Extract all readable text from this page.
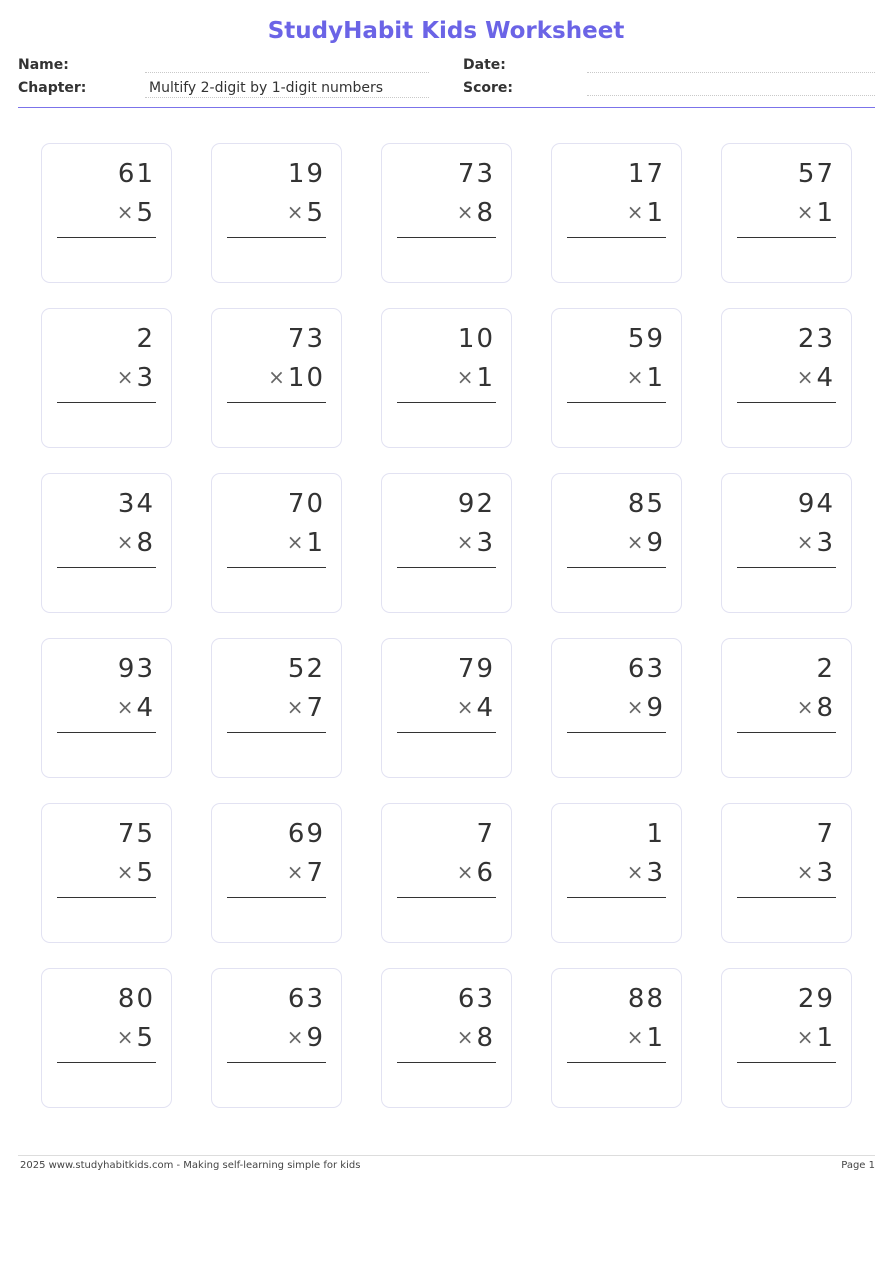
StudyHabit Kids Worksheet
Name:
Chapter:	Multify 2-digit by 1-digit numbers
Date:
Score:
61
× 5
19
× 5
73
× 8
17
× 1
57
× 1
2
× 3
73
× 10
10
× 1
59
× 1
23
× 4
34
× 8
70
× 1
92
× 3
85
× 9
94
× 3
93
× 4
52
× 7
79
× 4
63
× 9
2
× 8
75
× 5
69
× 7
7
× 6
1
× 3
7
× 3
80
× 5
63
× 9
63
× 8
88
× 1
29
× 1
2025 www.studyhabitkids.com - Making self-learning simple for kids	Page 1
